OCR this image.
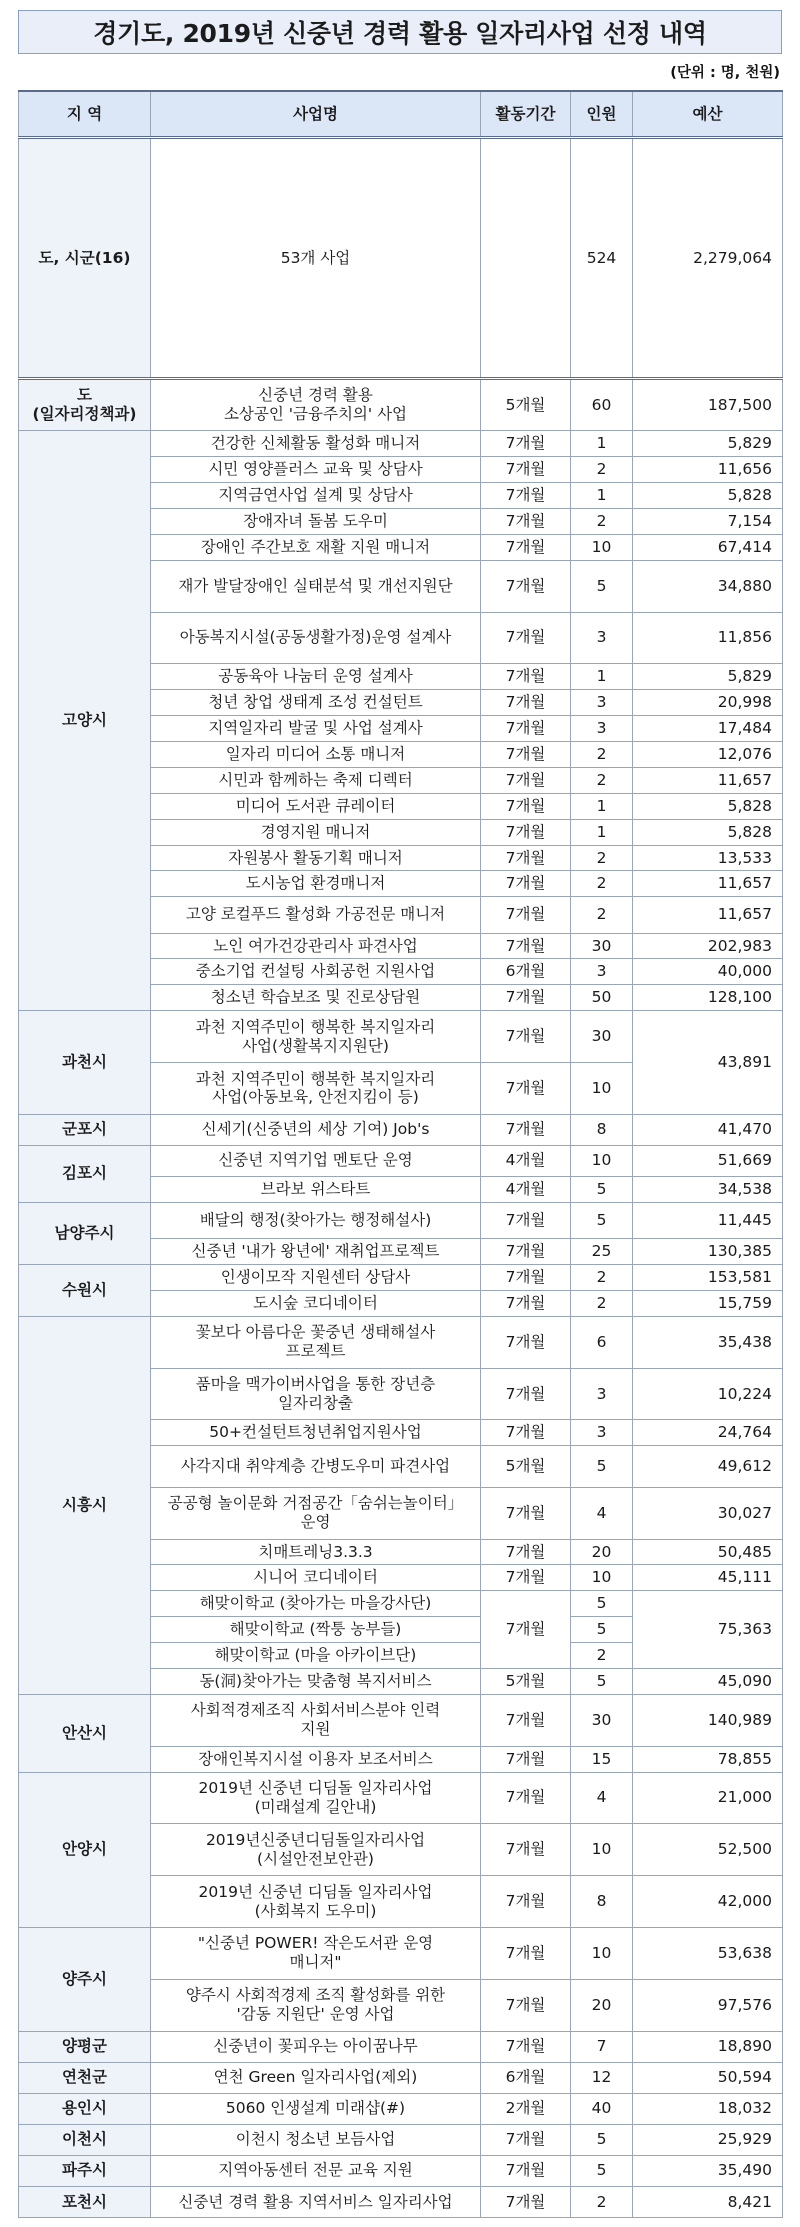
경기도, 2019년 신중년 경력 활용 일자리사업 선정 내역
(단위 : 명, 천원)
지 역	사업명	활동기간	인원	예산
도, 시군(16)	53개 사업		524	2,279,064
도
(일자리정책과)	신중년 경력 활용
소상공인 '금융주치의' 사업	5개월	60	187,500
고양시	건강한 신체활동 활성화 매니저	7개월	1	5,829
	시민 영양플러스 교육 및 상담사	7개월	2	11,656
	지역금연사업 설계 및 상담사	7개월	1	5,828
	장애자녀 돌봄 도우미	7개월	2	7,154
	장애인 주간보호 재활 지원 매니저	7개월	10	67,414
	재가 발달장애인 실태분석 및 개선지원단	7개월	5	34,880
	아동복지시설(공동생활가정)운영 설계사	7개월	3	11,856
	공동육아 나눔터 운영 설계사	7개월	1	5,829
	청년 창업 생태계 조성 컨설턴트	7개월	3	20,998
	지역일자리 발굴 및 사업 설계사	7개월	3	17,484
	일자리 미디어 소통 매니저	7개월	2	12,076
	시민과 함께하는 축제 디렉터	7개월	2	11,657
	미디어 도서관 큐레이터	7개월	1	5,828
	경영지원 매니저	7개월	1	5,828
	자원봉사 활동기획 매니저	7개월	2	13,533
	도시농업 환경매니저	7개월	2	11,657
	고양 로컬푸드 활성화 가공전문 매니저	7개월	2	11,657
	노인 여가건강관리사 파견사업	7개월	30	202,983
	중소기업 컨설팅 사회공헌 지원사업	6개월	3	40,000
	청소년 학습보조 및 진로상담원	7개월	50	128,100
과천시	과천 지역주민이 행복한 복지일자리
사업(생활복지지원단)	7개월	30	43,891
	과천 지역주민이 행복한 복지일자리
사업(아동보육, 안전지킴이 등)	7개월	10	
군포시	신세기(신중년의 세상 기여) Job's	7개월	8	41,470
김포시	신중년 지역기업 멘토단 운영	4개월	10	51,669
	브라보 위스타트	4개월	5	34,538
남양주시	배달의 행정(찾아가는 행정해설사)	7개월	5	11,445
	신중년 '내가 왕년에' 재취업프로젝트	7개월	25	130,385
수원시	인생이모작 지원센터 상담사	7개월	2	153,581
	도시숲 코디네이터	7개월	2	15,759
시흥시	꽃보다 아름다운 꽃중년 생태해설사
프로젝트	7개월	6	35,438
	품마을 맥가이버사업을 통한 장년층
일자리창출	7개월	3	10,224
	50+컨설턴트청년취업지원사업	7개월	3	24,764
	사각지대 취약계층 간병도우미 파견사업	5개월	5	49,612
	공공형 놀이문화 거점공간「숨쉬는놀이터」
운영	7개월	4	30,027
	치매트레닝3.3.3	7개월	20	50,485
	시니어 코디네이터	7개월	10	45,111
	해맞이학교 (찾아가는 마을강사단)	7개월	5	75,363
	해맞이학교 (짝퉁 농부들)		5	
	해맞이학교 (마을 아카이브단)		2	
	동(洞)찾아가는 맞춤형 복지서비스	5개월	5	45,090
안산시	사회적경제조직 사회서비스분야 인력
지원	7개월	30	140,989
	장애인복지시설 이용자 보조서비스	7개월	15	78,855
안양시	2019년 신중년 디딤돌 일자리사업
(미래설계 길안내)	7개월	4	21,000
	2019년신중년디딤돌일자리사업
(시설안전보안관)	7개월	10	52,500
	2019년 신중년 디딤돌 일자리사업
(사회복지 도우미)	7개월	8	42,000
양주시	"신중년 POWER! 작은도서관 운영
매니저"	7개월	10	53,638
	양주시 사회적경제 조직 활성화를 위한
'감동 지원단' 운영 사업	7개월	20	97,576
양평군	신중년이 꽃피우는 아이꿈나무	7개월	7	18,890
연천군	연천 Green 일자리사업(제외)	6개월	12	50,594
용인시	5060 인생설계 미래샵(#)	2개월	40	18,032
이천시	이천시 청소년 보듬사업	7개월	5	25,929
파주시	지역아동센터 전문 교육 지원	7개월	5	35,490
포천시	신중년 경력 활용 지역서비스 일자리사업	7개월	2	8,421
